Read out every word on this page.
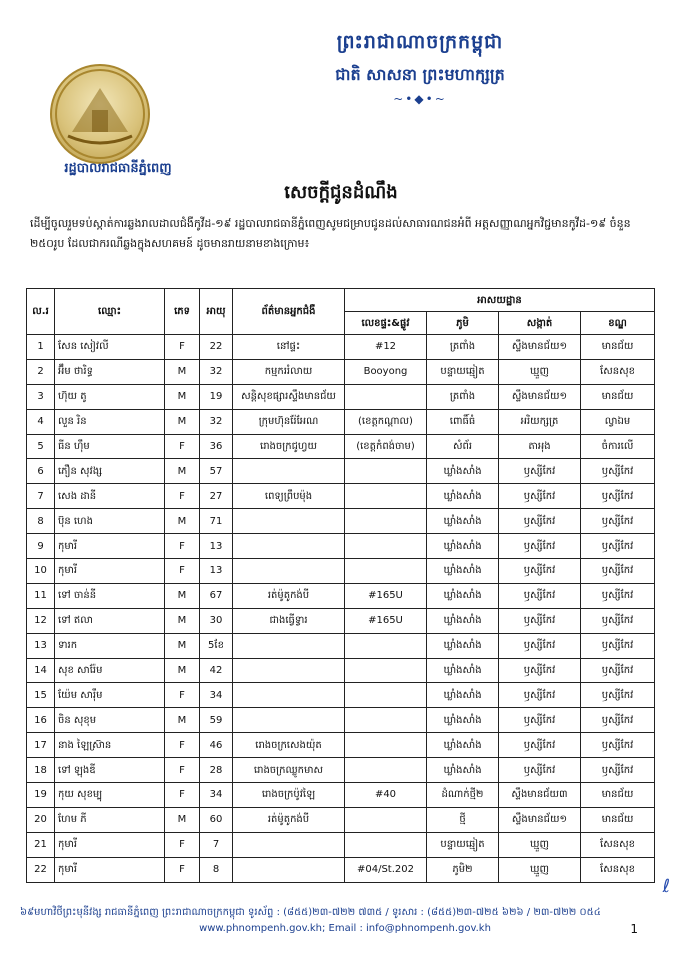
ព្រះរាជាណាចក្រកម្ពុជា
ជាតិ សាសនា ព្រះមហាក្សត្រ
~•◆•~
រដ្ឋបាលរាជធានីភ្នំពេញ
សេចក្តីជូនដំណឹង
ដើម្បីចូលរួមទប់ស្កាត់ការឆ្លងរាលដាលជំងឺកូវីដ-១៩ រដ្ឋបាលរាជធានីភ្នំពេញសូមជម្រាបជូនដល់សាធារណជនអំពី អត្តសញ្ញាណអ្នកវិជ្ជមានកូវីដ-១៩ ចំនួន ២៥០រូប ដែលជាករណីឆ្លងក្នុងសហគមន៍ ដូចមានរាយនាមខាងក្រោម៖
ល.រ	ឈ្មោះ	ភេទ	អាយុ	ព័ត៌មានអ្នកជំងឺ	អាសយដ្ឋាន			
					លេខផ្ទះ&ផ្លូវ	ភូមិ	សង្កាត់	ខណ្ឌ
1	សែន សៀវលី	F	22	នៅផ្ទះ	#12	ត្រពាំង	ស្ទឹងមានជ័យ១	មានជ័យ
2	អ៊ឹម ថារិទ្ធ	M	32	កម្មកររំលាយ	Booyong	បន្ទាយឆ្មៀត	ឃ្មួញ	សែនសុខ
3	ហ៊ុយ តូ	M	19	សន្តិសុខផ្សារស្ទឹងមានជ័យ		ត្រពាំង	ស្ទឹងមានជ័យ១	មានជ័យ
4	លួន រិន	M	32	ក្រុមហ៊ុនរ៉ែអែណ	(ខេត្តកណ្តាល)	ពោធិ៍ធំ	អរិយក្សត្រ	ល្វាឯម
5	ធីន ហ៊ឹម	F	36	រោងចក្រជូហ្វយ	(ខេត្តកំពង់ចាម)	សំព័រ	តាអុង	ចំការលើ
6	ភឿន សុវង្ស	M	57			ឃ្លាំងសាំង	ឫស្សីកែវ	ឫស្សីកែវ
7	សេង ដានី	F	27	ពេទ្យព្រឹបម៉ុង		ឃ្លាំងសាំង	ឫស្សីកែវ	ឫស្សីកែវ
8	ប៊ុន ហេង	M	71			ឃ្លាំងសាំង	ឫស្សីកែវ	ឫស្សីកែវ
9	កុមារី	F	13			ឃ្លាំងសាំង	ឫស្សីកែវ	ឫស្សីកែវ
10	កុមារី	F	13			ឃ្លាំងសាំង	ឫស្សីកែវ	ឫស្សីកែវ
11	ទៅ ចាន់នី	M	67	រត់ម៉ូតូកង់បី	#165U	ឃ្លាំងសាំង	ឫស្សីកែវ	ឫស្សីកែវ
12	ទៅ ឥលា	M	30	ជាងធ្វើទ្វារ	#165U	ឃ្លាំងសាំង	ឫស្សីកែវ	ឫស្សីកែវ
13	ទារក	M	5ខែ			ឃ្លាំងសាំង	ឫស្សីកែវ	ឫស្សីកែវ
14	សុខ សារ៉ែម	M	42			ឃ្លាំងសាំង	ឫស្សីកែវ	ឫស្សីកែវ
15	យ៉ែម សារ៉ឹម	F	34			ឃ្លាំងសាំង	ឫស្សីកែវ	ឫស្សីកែវ
16	ចិន សុខុម	M	59			ឃ្លាំងសាំង	ឫស្សីកែវ	ឫស្សីកែវ
17	នាង ឡៃស្រ៊ាន	F	46	រោងចក្រសេងយ៉ុត		ឃ្លាំងសាំង	ឫស្សីកែវ	ឫស្សីកែវ
18	ទៅ ឡុងឌី	F	28	រោងចក្រឈ្លូកមាស		ឃ្លាំងសាំង	ឫស្សីកែវ	ឫស្សីកែវ
19	កុយ សុខម្បុ	F	34	រោងចក្រប៉ូវឡៃ	#40	ដំណាក់ថ្មី២	ស្ទឹងមានជ័យ៣	មានជ័យ
20	ហែម ភី	M	60	រត់ម៉ូតូកង់បី		ថ្មី	ស្ទឹងមានជ័យ១	មានជ័យ
21	កុមារី	F	7			បន្ទាយឆ្មៀត	ឃ្មួញ	សែនសុខ
22	កុមារី	F	8		#04/St.202	ភូមិ២	ឃ្មួញ	សែនសុខ
ℓ
៦៩មហាវិថីព្រះមុនីវង្ស រាជធានីភ្នំពេញ ព្រះរាជាណាចក្រកម្ពុជា ទូរស័ព្ទ : (៨៥៥)២៣-៧២២ ៧៣៥ / ទូរសារ : (៨៥៥)២៣-៧២៥ ៦២៦ / ២៣-៧២២ ០៥៤
www.phnompenh.gov.kh; Email : info@phnompenh.gov.kh	1
